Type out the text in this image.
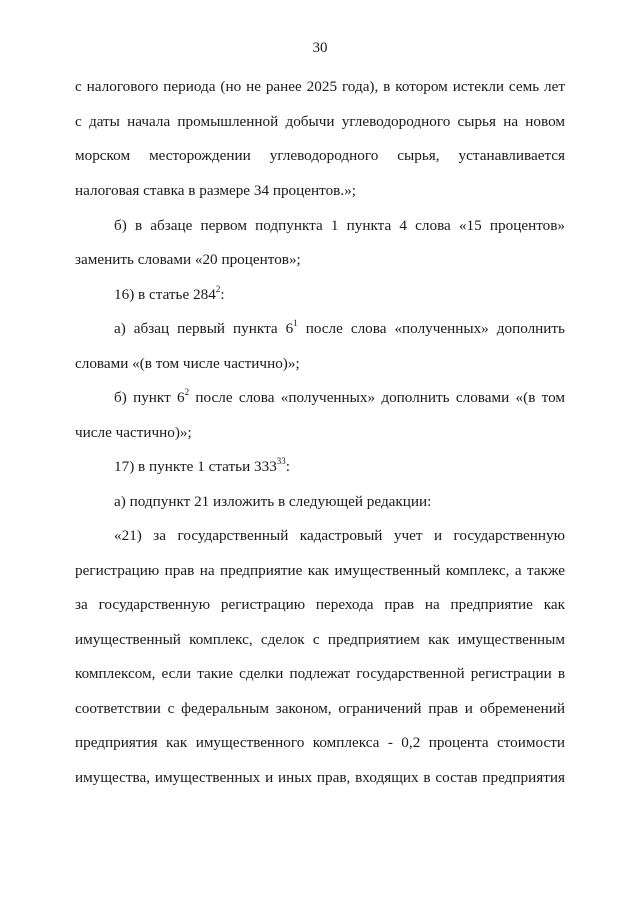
30
с налогового периода (но не ранее 2025 года), в котором истекли семь лет
с даты начала промышленной добычи углеводородного сырья на новом
морском месторождении углеводородного сырья, устанавливается
налоговая ставка в размере 34 процентов.»;
б) в абзаце первом подпункта 1 пункта 4 слова «15 процентов»
заменить словами «20 процентов»;
16) в статье $284^2$:
а) абзац первый пункта $6^1$ после слова «полученных» дополнить
словами «(в том числе частично)»;
б) пункт $6^2$ после слова «полученных» дополнить словами «(в том
числе частично)»;
17) в пункте 1 статьи $333^{33}$:
а) подпункт 21 изложить в следующей редакции:
«21) за государственный кадастровый учет и государственную
регистрацию прав на предприятие как имущественный комплекс, а также
за государственную регистрацию перехода прав на предприятие как
имущественный комплекс, сделок с предприятием как имущественным
комплексом, если такие сделки подлежат государственной регистрации в
соответствии с федеральным законом, ограничений прав и обременений
предприятия как имущественного комплекса - 0,2 процента стоимости
имущества, имущественных и иных прав, входящих в состав предприятия
